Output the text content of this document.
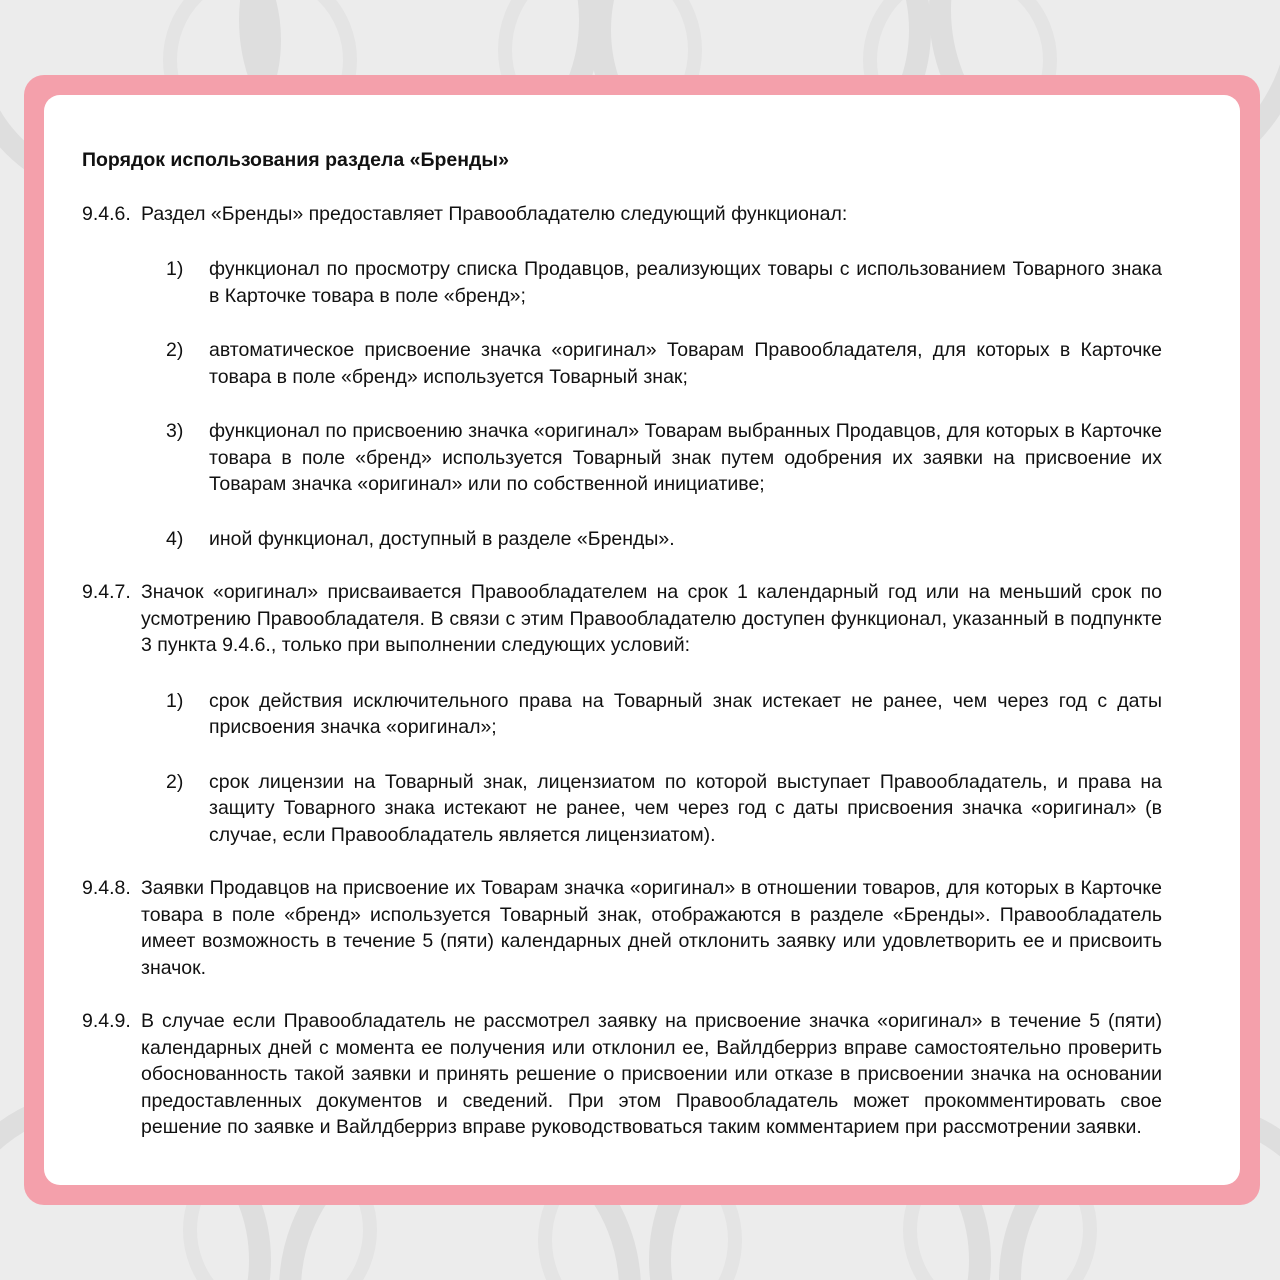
Порядок использования раздела «Бренды»
9.4.6. Раздел «Бренды» предоставляет Правообладателю следующий функционал:
1) функционал по просмотру списка Продавцов, реализующих товары с использованием Товарного знака в Карточке товара в поле «бренд»;
2) автоматическое присвоение значка «оригинал» Товарам Правообладателя, для которых в Карточке товара в поле «бренд» используется Товарный знак;
3) функционал по присвоению значка «оригинал» Товарам выбранных Продавцов, для которых в Карточке товара в поле «бренд» используется Товарный знак путем одобрения их заявки на присвоение их Товарам значка «оригинал» или по собственной инициативе;
4) иной функционал, доступный в разделе «Бренды».
9.4.7. Значок «оригинал» присваивается Правообладателем на срок 1 календарный год или на меньший срок по усмотрению Правообладателя. В связи с этим Правообладателю доступен функционал, указанный в подпункте 3 пункта 9.4.6., только при выполнении следующих условий:
1) срок действия исключительного права на Товарный знак истекает не ранее, чем через год с даты присвоения значка «оригинал»;
2) срок лицензии на Товарный знак, лицензиатом по которой выступает Правообладатель, и права на защиту Товарного знака истекают не ранее, чем через год с даты присвоения значка «оригинал» (в случае, если Правообладатель является лицензиатом).
9.4.8. Заявки Продавцов на присвоение их Товарам значка «оригинал» в отношении товаров, для которых в Карточке товара в поле «бренд» используется Товарный знак, отображаются в разделе «Бренды». Правообладатель имеет возможность в течение 5 (пяти) календарных дней отклонить заявку или удовлетворить ее и присвоить значок.
9.4.9. В случае если Правообладатель не рассмотрел заявку на присвоение значка «оригинал» в течение 5 (пяти) календарных дней с момента ее получения или отклонил ее, Вайлдберриз вправе самостоятельно проверить обоснованность такой заявки и принять решение о присвоении или отказе в присвоении значка на основании предоставленных документов и сведений. При этом Правообладатель может прокомментировать свое решение по заявке и Вайлдберриз вправе руководствоваться таким комментарием при рассмотрении заявки.
